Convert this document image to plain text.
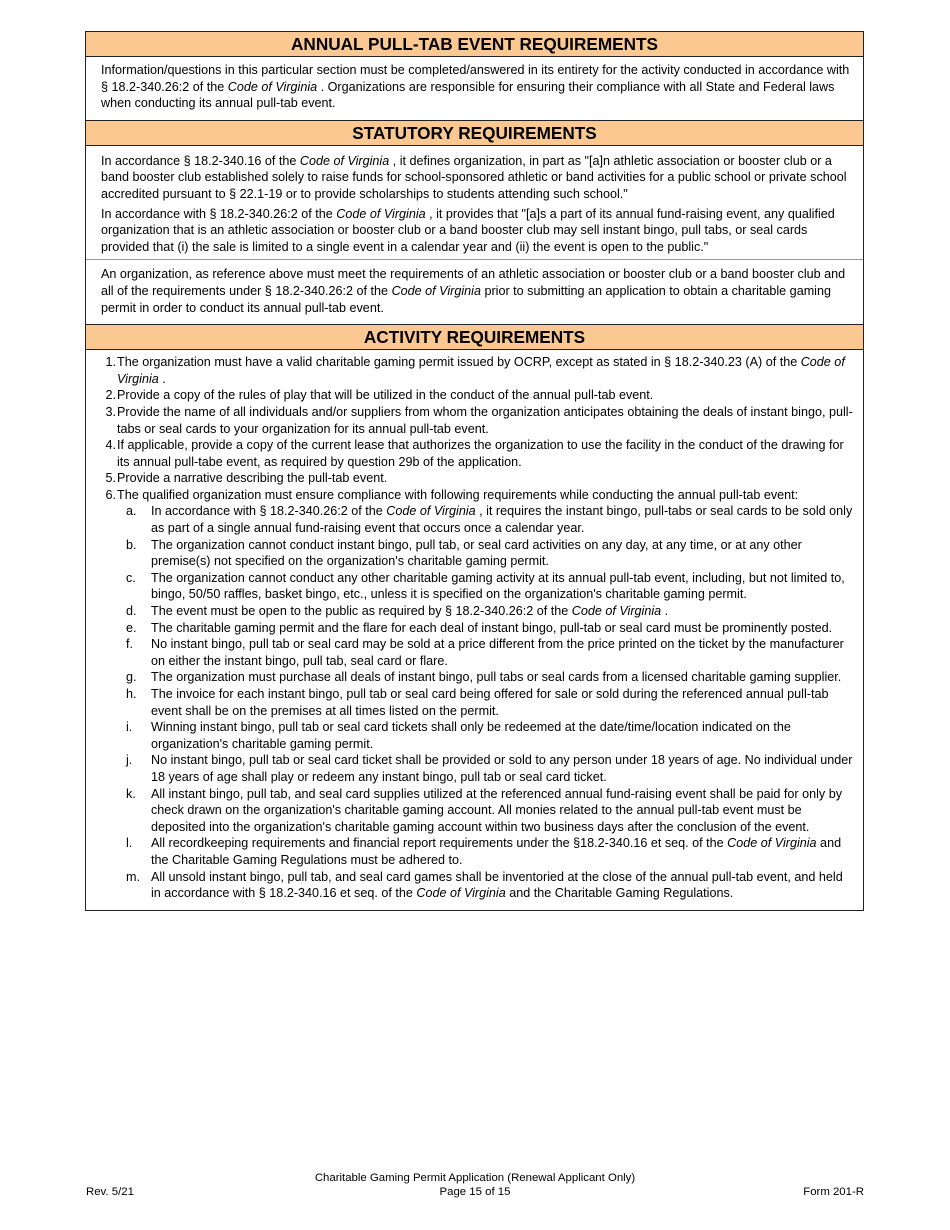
ANNUAL PULL-TAB EVENT REQUIREMENTS
Information/questions in this particular section must be completed/answered in its entirety for the activity conducted in accordance with § 18.2-340.26:2 of the Code of Virginia . Organizations are responsible for ensuring their compliance with all State and Federal laws when conducting its annual pull-tab event.
STATUTORY REQUIREMENTS
In accordance § 18.2-340.16 of the Code of Virginia , it defines organization, in part as "[a]n athletic association or booster club or a band booster club established solely to raise funds for school-sponsored athletic or band activities for a public school or private school accredited pursuant to § 22.1-19 or to provide scholarships to students attending such school."
In accordance with § 18.2-340.26:2 of the Code of Virginia , it provides that "[a]s a part of its annual fund-raising event, any qualified organization that is an athletic association or booster club or a band booster club may sell instant bingo, pull tabs, or seal cards provided that (i) the sale is limited to a single event in a calendar year and (ii) the event is open to the public."
An organization, as reference above must meet the requirements of an athletic association or booster club or a band booster club and all of the requirements under § 18.2-340.26:2 of the Code of Virginia prior to submitting an application to obtain a charitable gaming permit in order to conduct its annual pull-tab event.
ACTIVITY REQUIREMENTS
1. The organization must have a valid charitable gaming permit issued by OCRP, except as stated in § 18.2-340.23 (A) of the Code of Virginia .
2. Provide a copy of the rules of play that will be utilized in the conduct of the annual pull-tab event.
3. Provide the name of all individuals and/or suppliers from whom the organization anticipates obtaining the deals of instant bingo, pull-tabs or seal cards to your organization for its annual pull-tab event.
4. If applicable, provide a copy of the current lease that authorizes the organization to use the facility in the conduct of the drawing for its annual pull-tabe event, as required by question 29b of the application.
5. Provide a narrative describing the pull-tab event.
6. The qualified organization must ensure compliance with following requirements while conducting the annual pull-tab event:
a.	In accordance with § 18.2-340.26:2 of the Code of Virginia , it requires the instant bingo, pull-tabs or seal cards to be sold only as part of a single annual fund-raising event that occurs once a calendar year.
b.	The organization cannot conduct instant bingo, pull tab, or seal card activities on any day, at any time, or at any other premise(s) not specified on the organization's charitable gaming permit.
c.	The organization cannot conduct any other charitable gaming activity at its annual pull-tab event, including, but not limited to, bingo, 50/50 raffles, basket bingo, etc., unless it is specified on the organization's charitable gaming permit.
d.	The event must be open to the public as required by § 18.2-340.26:2 of the Code of Virginia .
e.	The charitable gaming permit and the flare for each deal of instant bingo, pull-tab or seal card must be prominently posted.
f.	No instant bingo, pull tab or seal card may be sold at a price different from the price printed on the ticket by the manufacturer on either the instant bingo, pull tab, seal card or flare.
g.	The organization must purchase all deals of instant bingo, pull tabs or seal cards from a licensed charitable gaming supplier.
h.	The invoice for each instant bingo, pull tab or seal card being offered for sale or sold during the referenced annual pull-tab event shall be on the premises at all times listed on the permit.
i.	Winning instant bingo, pull tab or seal card tickets shall only be redeemed at the date/time/location indicated on the organization's charitable gaming permit.
j.	No instant bingo, pull tab or seal card ticket shall be provided or sold to any person under 18 years of age. No individual under 18 years of age shall play or redeem any instant bingo, pull tab or seal card ticket.
k.	All instant bingo, pull tab, and seal card supplies utilized at the referenced annual fund-raising event shall be paid for only by check drawn on the organization's charitable gaming account. All monies related to the annual pull-tab event must be deposited into the organization's charitable gaming account within two business days after the conclusion of the event.
l.	All recordkeeping requirements and financial report requirements under the §18.2-340.16 et seq. of the Code of Virginia and the Charitable Gaming Regulations must be adhered to.
m. All unsold instant bingo, pull tab, and seal card games shall be inventoried at the close of the annual pull-tab event, and held in accordance with § 18.2-340.16 et seq. of the Code of Virginia and the Charitable Gaming Regulations.
Rev. 5/21
Charitable Gaming Permit Application (Renewal Applicant Only)
Page 15 of 15	Form 201-R
